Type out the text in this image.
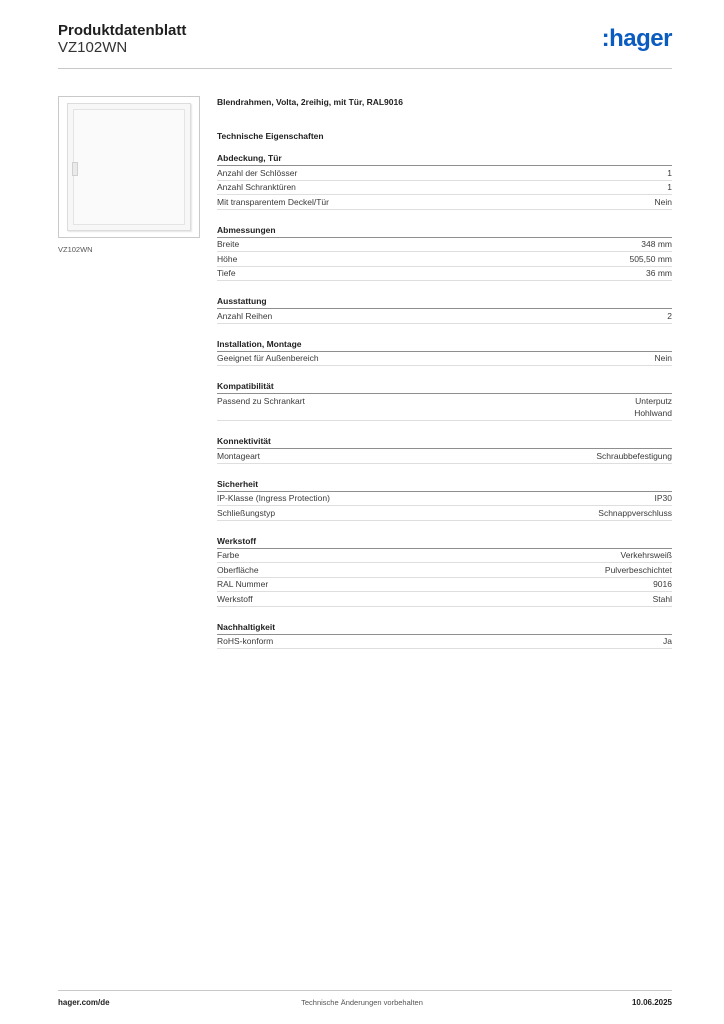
Produktdatenblatt
VZ102WN	:hager
VZ102WN
Blendrahmen, Volta, 2reihig, mit Tür, RAL9016
Technische Eigenschaften
Abdeckung, Tür
Anzahl der Schlösser	1
Anzahl Schranktüren	1
Mit transparentem Deckel/Tür	Nein
Abmessungen
Breite	348 mm
Höhe	505,50 mm
Tiefe	36 mm
Ausstattung
Anzahl Reihen	2
Installation, Montage
Geeignet für Außenbereich	Nein
Kompatibilität
Passend zu Schrankart	Unterputz
Hohlwand
Konnektivität
Montageart	Schraubbefestigung
Sicherheit
IP-Klasse (Ingress Protection)	IP30
Schließungstyp	Schnappverschluss
Werkstoff
Farbe	Verkehrsweiß
Oberfläche	Pulverbeschichtet
RAL Nummer	9016
Werkstoff	Stahl
Nachhaltigkeit
RoHS-konform	Ja
hager.com/de	Technische Änderungen vorbehalten	10.06.2025
